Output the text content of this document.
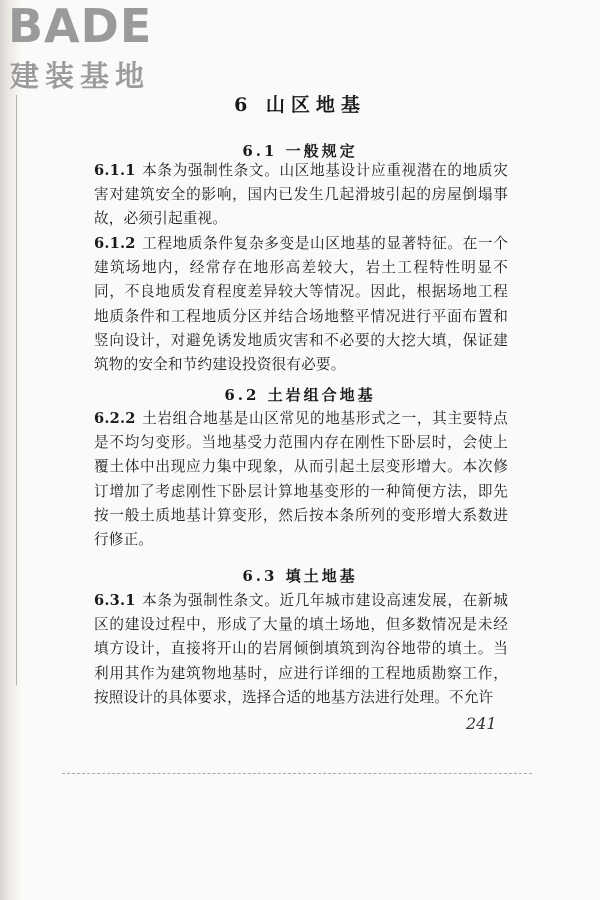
BADE
建装基地
6 山区地基
6.1 一般规定
6.1.1 本条为强制性条文。山区地基设计应重视潜在的地质灾害对建筑安全的影响，国内已发生几起滑坡引起的房屋倒塌事故，必须引起重视。
6.1.2 工程地质条件复杂多变是山区地基的显著特征。在一个建筑场地内，经常存在地形高差较大，岩土工程特性明显不同，不良地质发育程度差异较大等情况。因此，根据场地工程地质条件和工程地质分区并结合场地整平情况进行平面布置和竖向设计，对避免诱发地质灾害和不必要的大挖大填，保证建筑物的安全和节约建设投资很有必要。
6.2 土岩组合地基
6.2.2 土岩组合地基是山区常见的地基形式之一，其主要特点是不均匀变形。当地基受力范围内存在刚性下卧层时，会使上覆土体中出现应力集中现象，从而引起土层变形增大。本次修订增加了考虑刚性下卧层计算地基变形的一种简便方法，即先按一般土质地基计算变形，然后按本条所列的变形增大系数进行修正。
6.3 填土地基
6.3.1 本条为强制性条文。近几年城市建设高速发展，在新城区的建设过程中，形成了大量的填土场地，但多数情况是未经填方设计，直接将开山的岩屑倾倒填筑到沟谷地带的填土。当利用其作为建筑物地基时，应进行详细的工程地质勘察工作，按照设计的具体要求，选择合适的地基方法进行处理。不允许
241
